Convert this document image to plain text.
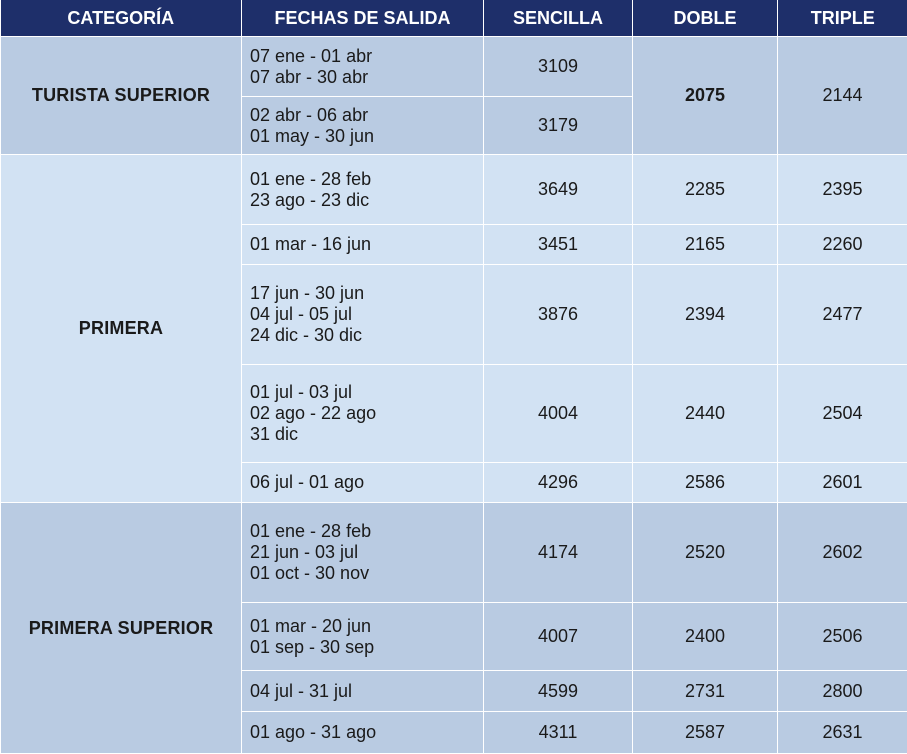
CATEGORÍA	FECHAS DE SALIDA	SENCILLA	DOBLE	TRIPLE
TURISTA SUPERIOR	07 ene - 01 abr
07 abr - 30 abr	3109	2075	2144

	02 abr - 06 abr
01 may - 30 jun	3179		
PRIMERA	01 ene - 28 feb
23 ago - 23 dic	3649	2285	2395

	01 mar - 16 jun	3451	2165	2260

	17 jun - 30 jun
04 jul - 05 jul
24 dic - 30 dic	3876	2394	2477

	01 jul - 03 jul
02 ago - 22 ago
31 dic	4004	2440	2504

	06 jul - 01 ago	4296	2586	2601
PRIMERA SUPERIOR	01 ene - 28 feb
21 jun - 03 jul
01 oct - 30 nov	4174	2520	2602

	01 mar - 20 jun
01 sep - 30 sep	4007	2400	2506

	04 jul - 31 jul	4599	2731	2800

	01 ago - 31 ago	4311	2587	2631
